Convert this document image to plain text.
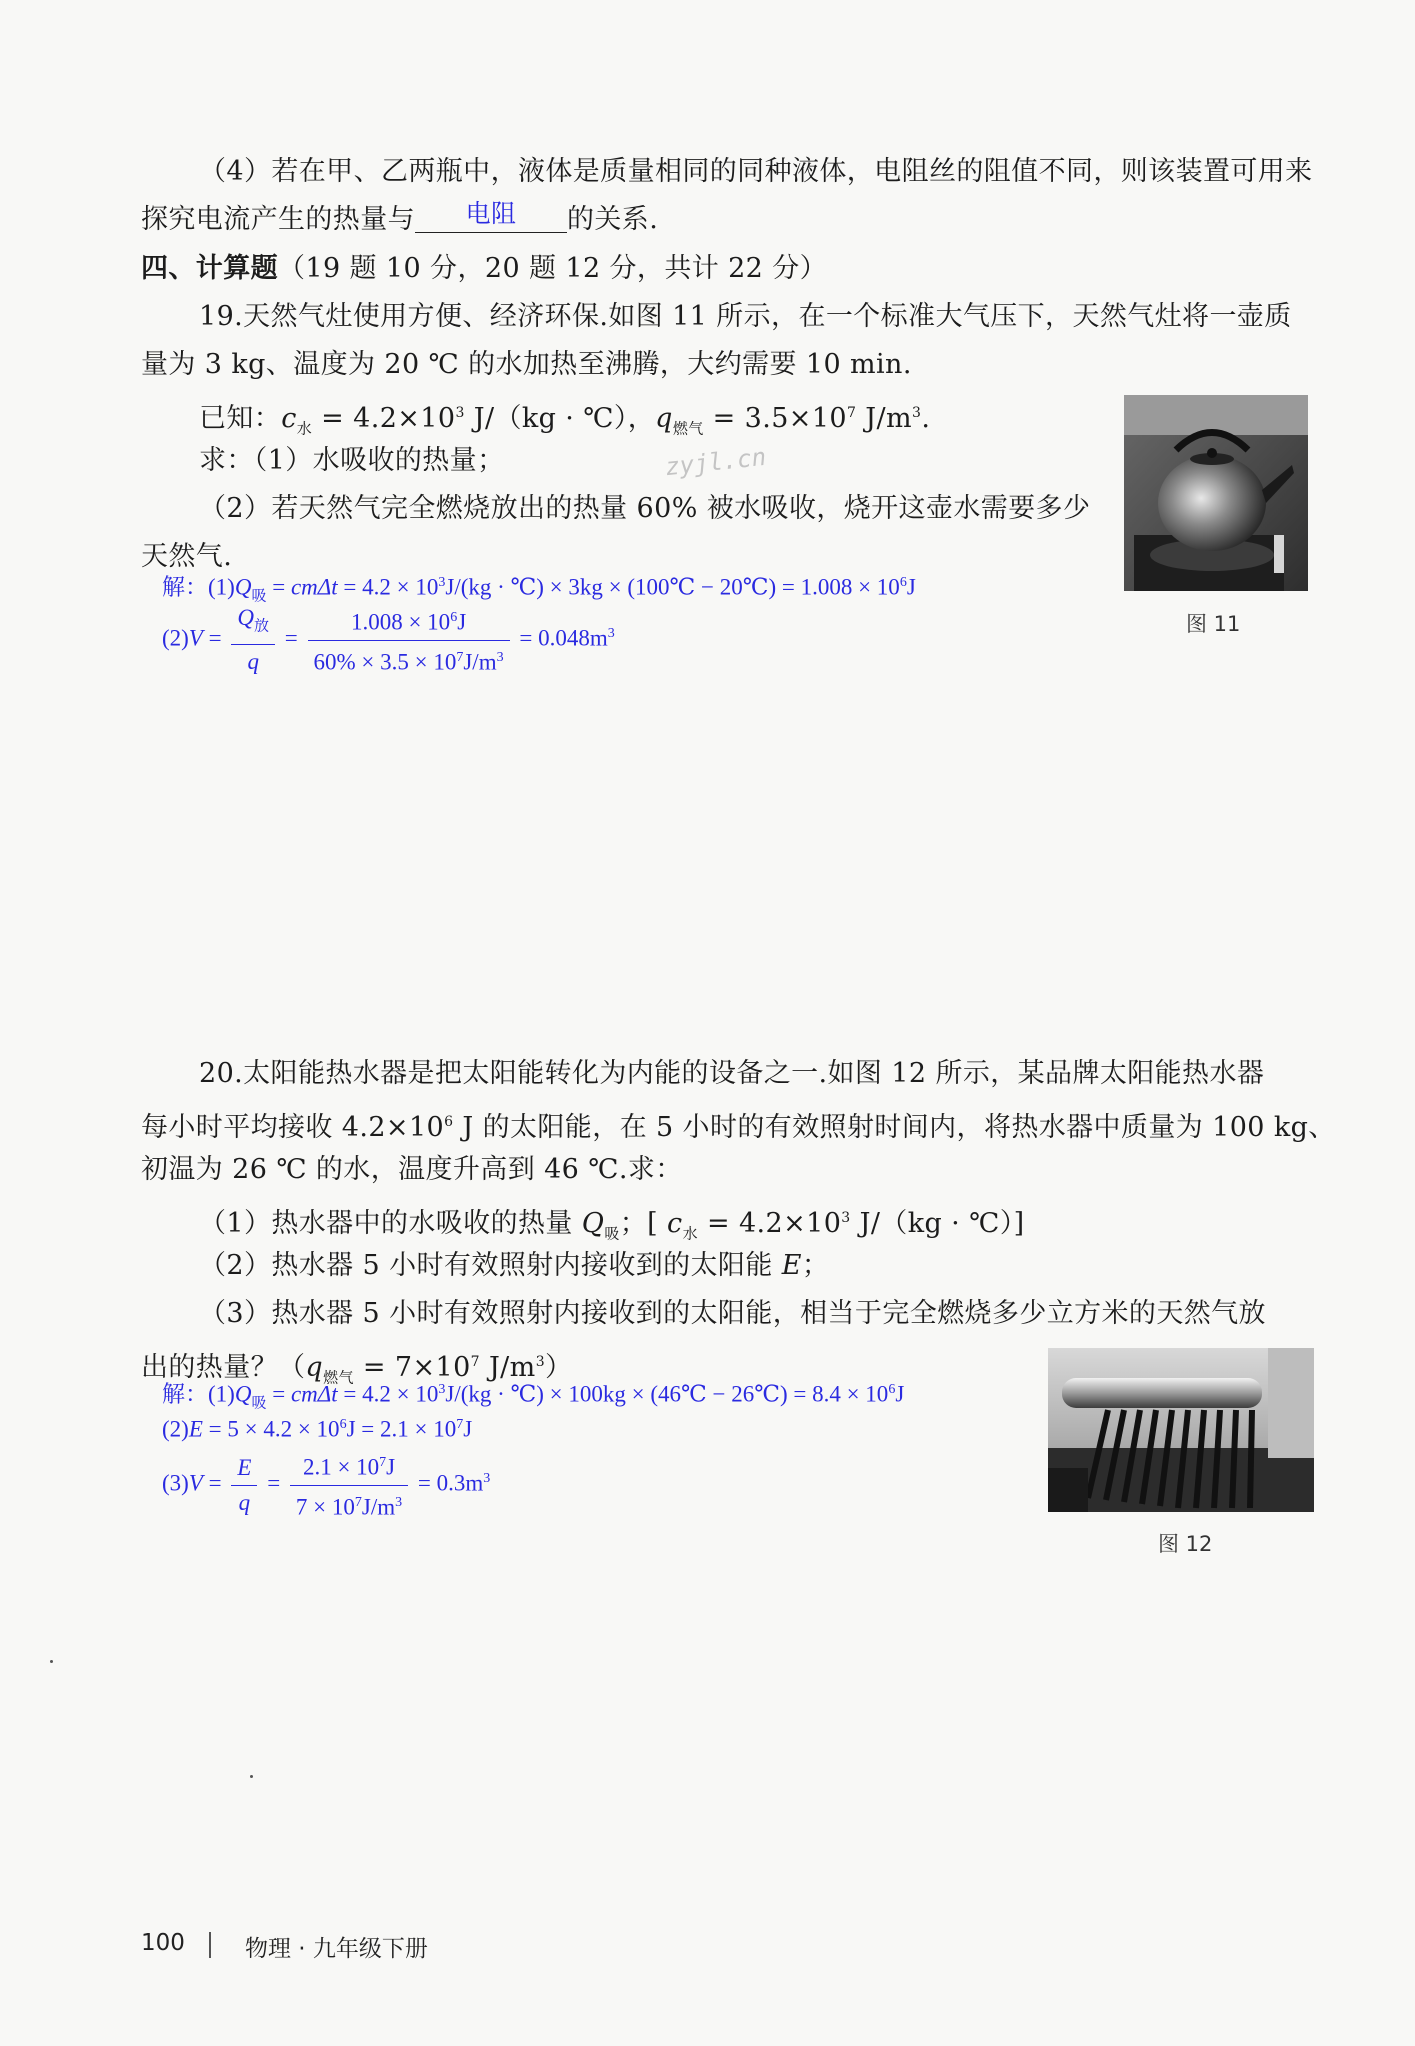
（4）若在甲、乙两瓶中，液体是质量相同的同种液体，电阻丝的阻值不同，则该装置可用来
探究电流产生的热量与 电阻 的关系.
四、计算题（19 题 10 分，20 题 12 分，共计 22 分）
19.天然气灶使用方便、经济环保.如图 11 所示，在一个标准大气压下，天然气灶将一壶质
量为 3 kg、温度为 20 ℃ 的水加热至沸腾，大约需要 10 min.
已知：$c_水 = 4.2\times 10^3$ J/（kg · ℃），$q_{燃气} = 3.5\times 10^7$ $J/m^3$.
求：（1）水吸收的热量；
（2）若天然气完全燃烧放出的热量 60% 被水吸收，烧开这壶水需要多少
天然气.
zyjl.cn
解：$(1)Q_吸 = cm\Delta t = 4.2 \times 10^3J/(kg$ · ℃) × 3kg × (100℃ − 20℃) = $1.008 \times 10^6J$
$(2)V = \frac{Q_放}{q} = \frac{1.008 \times 10^6J}{60\% \times 3.5 \times 10^7J/m^3} = 0.048m^3$	图 11
20.太阳能热水器是把太阳能转化为内能的设备之一.如图 12 所示，某品牌太阳能热水器
每小时平均接收 $4.2\times 10^6$ J 的太阳能，在 5 小时的有效照射时间内，将热水器中质量为 100 kg、
初温为 26 ℃ 的水，温度升高到 46 ℃.求：
（1）热水器中的水吸收的热量 $Q_吸$；[ $c_水 = 4.2\times 10^3$ J/（kg · ℃）]
（2）热水器 5 小时有效照射内接收到的太阳能 E；
（3）热水器 5 小时有效照射内接收到的太阳能，相当于完全燃烧多少立方米的天然气放
出的热量？（$q_{燃气} = 7\times 10^7$ $J/m^3$）
解：$(1)Q_吸 = cm\Delta t = 4.2 \times 10^3J/(kg$ · ℃) × 100kg × (46℃ − 26℃) = $8.4 \times 10^6J$
$(2)E = 5 \times 4.2 \times 10^6J = 2.1 \times 10^7J$
$(3)V = \frac{E}{q} = \frac{2.1 \times 10^7J}{7 \times 10^7J/m^3} = 0.3m^3$
图 12
100	物理 · 九年级下册
